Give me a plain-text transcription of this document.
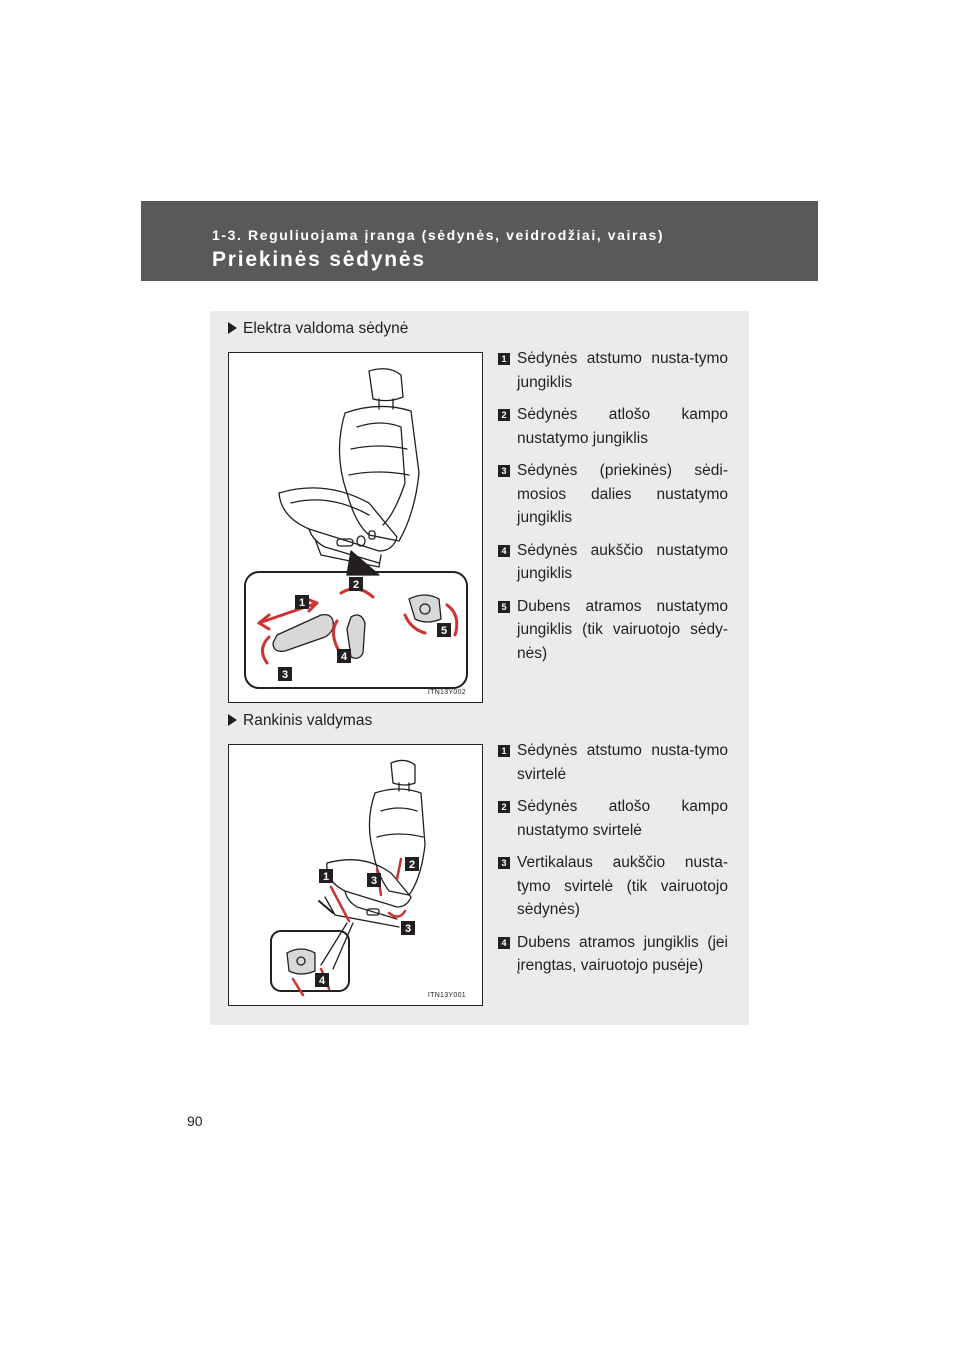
1-3. Reguliuojama įranga (sėdynės, veidrodžiai, vairas)
Priekinės sėdynės
Elektra valdoma sėdynė
1
2
3
4
5
ITN13Y002
1 Sėdynės atstumo nusta-tymo jungiklis
2 Sėdynės atlošo kampo nustatymo jungiklis
3 Sėdynės (priekinės) sėdi-mosios dalies nustatymo jungiklis
4 Sėdynės aukščio nustatymo jungiklis
5 Dubens atramos nustatymo jungiklis (tik vairuotojo sėdy-nės)
Rankinis valdymas
1
2
3
3
4
ITN13Y001
1 Sėdynės atstumo nusta-tymo svirtelė
2 Sėdynės atlošo kampo nustatymo svirtelė
3 Vertikalaus aukščio nusta-tymo svirtelė (tik vairuotojo sėdynės)
4 Dubens atramos jungiklis (jei įrengtas, vairuotojo pusėje)
90
